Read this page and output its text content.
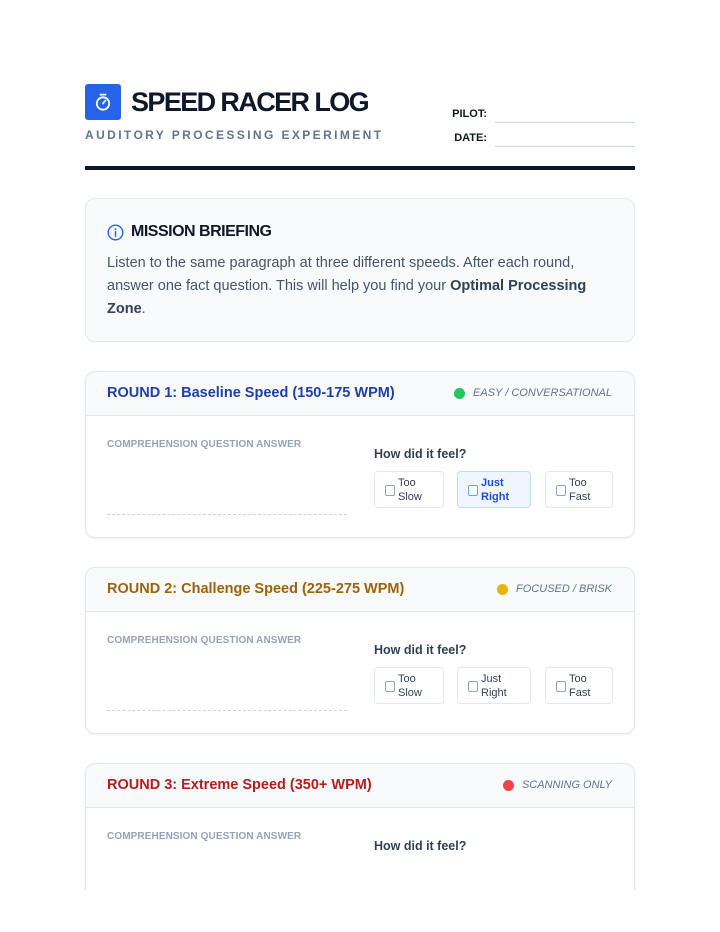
SPEED RACER LOG
AUDITORY PROCESSING EXPERIMENT
PILOT:
DATE:
MISSION BRIEFING

Listen to the same paragraph at three different speeds. After each round, answer one fact question. This will help you find your Optimal Processing Zone.

ROUND 1: Baseline Speed (150-175 WPM)	EASY / CONVERSATIONAL
COMPREHENSION QUESTION ANSWER
How did it feel?
Too
Slow
Just
Right
Too
Fast
ROUND 2: Challenge Speed (225-275 WPM)	FOCUSED / BRISK
COMPREHENSION QUESTION ANSWER
How did it feel?
Too
Slow
Just
Right
Too
Fast
ROUND 3: Extreme Speed (350+ WPM)	SCANNING ONLY
COMPREHENSION QUESTION ANSWER
How did it feel?
